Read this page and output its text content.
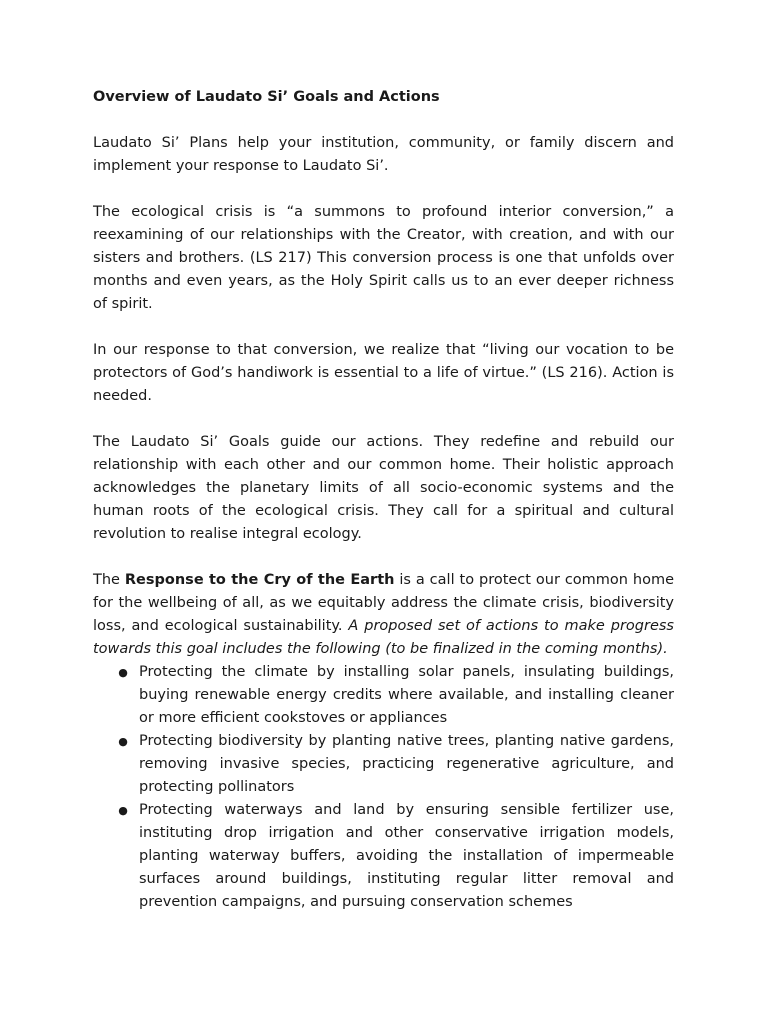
Overview of Laudato Si’ Goals and Actions

Laudato Si’ Plans help your institution, community, or family discern and implement your response to Laudato Si’.

The ecological crisis is “a summons to profound interior conversion,” a reexamining of our relationships with the Creator, with creation, and with our sisters and brothers. (LS 217) This conversion process is one that unfolds over months and even years, as the Holy Spirit calls us to an ever deeper richness of spirit.

In our response to that conversion, we realize that “living our vocation to be protectors of God’s handiwork is essential to a life of virtue.” (LS 216). Action is needed.

The Laudato Si’ Goals guide our actions. They redefine and rebuild our relationship with each other and our common home. Their holistic approach acknowledges the planetary limits of all socio-economic systems and the human roots of the ecological crisis. They call for a spiritual and cultural revolution to realise integral ecology.

The Response to the Cry of the Earth is a call to protect our common home for the wellbeing of all, as we equitably address the climate crisis, biodiversity loss, and ecological sustainability. A proposed set of actions to make progress towards this goal includes the following (to be finalized in the coming months).

● Protecting the climate by installing solar panels, insulating buildings, buying renewable energy credits where available, and installing cleaner or more efficient cookstoves or appliances
● Protecting biodiversity by planting native trees, planting native gardens, removing invasive species, practicing regenerative agriculture, and protecting pollinators
● Protecting waterways and land by ensuring sensible fertilizer use, instituting drop irrigation and other conservative irrigation models, planting waterway buffers, avoiding the installation of impermeable surfaces around buildings, instituting regular litter removal and prevention campaigns, and pursuing conservation schemes
